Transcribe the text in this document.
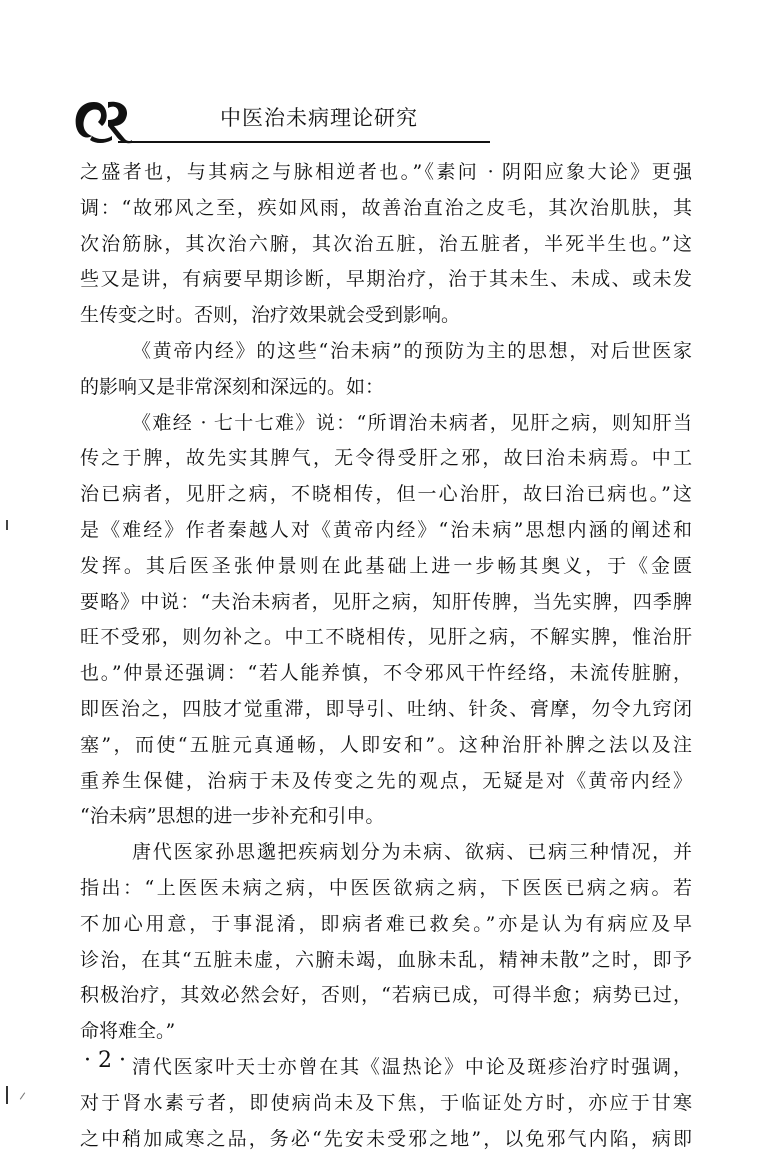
中医治未病理论研究
之盛者也，与其病之与脉相逆者也。”《素问 · 阴阳应象大论》更强
调：“故邪风之至，疾如风雨，故善治直治之皮毛，其次治肌肤，其
次治筋脉，其次治六腑，其次治五脏，治五脏者，半死半生也。”这
些又是讲，有病要早期诊断，早期治疗，治于其未生、未成、或未发
生传变之时。否则，治疗效果就会受到影响。
《黄帝内经》的这些“治未病”的预防为主的思想，对后世医家
的影响又是非常深刻和深远的。如：
《难经 · 七十七难》说：“所谓治未病者，见肝之病，则知肝当
传之于脾，故先实其脾气，无令得受肝之邪，故曰治未病焉。中工
治已病者，见肝之病，不晓相传，但一心治肝，故曰治已病也。”这
是《难经》作者秦越人对《黄帝内经》“治未病”思想内涵的阐述和
发挥。其后医圣张仲景则在此基础上进一步畅其奥义，于《金匮
要略》中说：“夫治未病者，见肝之病，知肝传脾，当先实脾，四季脾
旺不受邪，则勿补之。中工不晓相传，见肝之病，不解实脾，惟治肝
也。”仲景还强调：“若人能养慎，不令邪风干忤经络，未流传脏腑，
即医治之，四肢才觉重滞，即导引、吐纳、针灸、膏摩，勿令九窍闭
塞”，而使“五脏元真通畅，人即安和”。这种治肝补脾之法以及注
重养生保健，治病于未及传变之先的观点，无疑是对《黄帝内经》
“治未病”思想的进一步补充和引申。
唐代医家孙思邈把疾病划分为未病、欲病、已病三种情况，并
指出：“上医医未病之病，中医医欲病之病，下医医已病之病。若
不加心用意，于事混淆，即病者难已救矣。”亦是认为有病应及早
诊治，在其“五脏未虚，六腑未竭，血脉未乱，精神未散”之时，即予
积极治疗，其效必然会好，否则，“若病已成，可得半愈；病势已过，
命将难全。”
清代医家叶天士亦曾在其《温热论》中论及斑疹治疗时强调，
对于肾水素亏者，即使病尚未及下焦，于临证处方时，亦应于甘寒
之中稍加咸寒之品，务必“先安未受邪之地”，以免邪气内陷，病即
· 2 ·
